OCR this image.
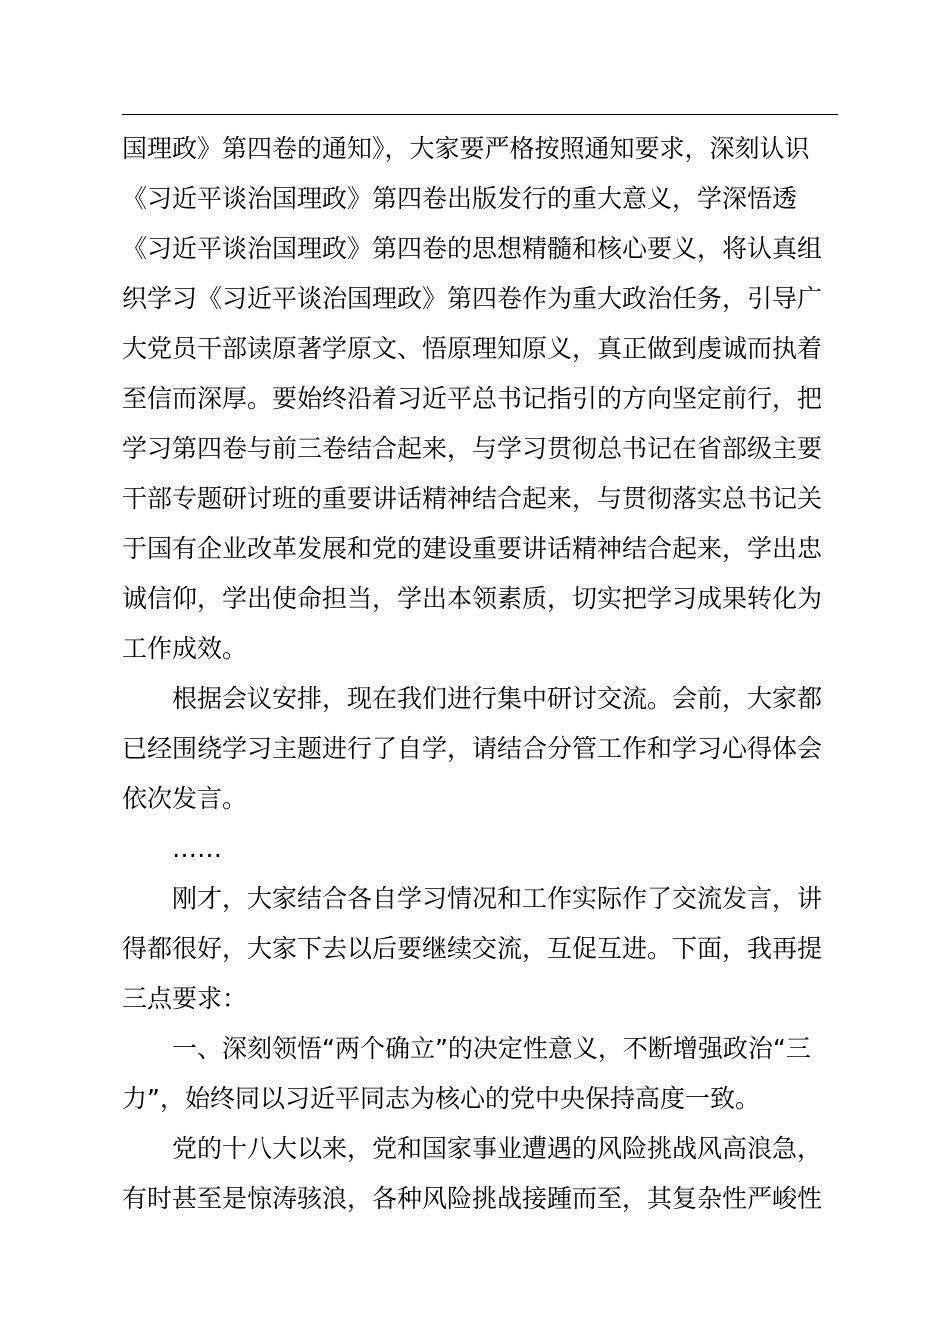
国理政》第四卷的通知》，大家要严格按照通知要求，深刻认识
《习近平谈治国理政》第四卷出版发行的重大意义，学深悟透
《习近平谈治国理政》第四卷的思想精髓和核心要义，将认真组
织学习《习近平谈治国理政》第四卷作为重大政治任务，引导广
大党员干部读原著学原文、悟原理知原义，真正做到虔诚而执着
至信而深厚。要始终沿着习近平总书记指引的方向坚定前行，把
学习第四卷与前三卷结合起来，与学习贯彻总书记在省部级主要
干部专题研讨班的重要讲话精神结合起来，与贯彻落实总书记关
于国有企业改革发展和党的建设重要讲话精神结合起来，学出忠
诚信仰，学出使命担当，学出本领素质，切实把学习成果转化为
工作成效。
根据会议安排，现在我们进行集中研讨交流。会前，大家都
已经围绕学习主题进行了自学，请结合分管工作和学习心得体会
依次发言。
……
刚才，大家结合各自学习情况和工作实际作了交流发言，讲
得都很好，大家下去以后要继续交流，互促互进。下面，我再提
三点要求：
一、深刻领悟“两个确立”的决定性意义，不断增强政治“三
力”，始终同以习近平同志为核心的党中央保持高度一致。
党的十八大以来，党和国家事业遭遇的风险挑战风高浪急，
有时甚至是惊涛骇浪，各种风险挑战接踵而至，其复杂性严峻性
